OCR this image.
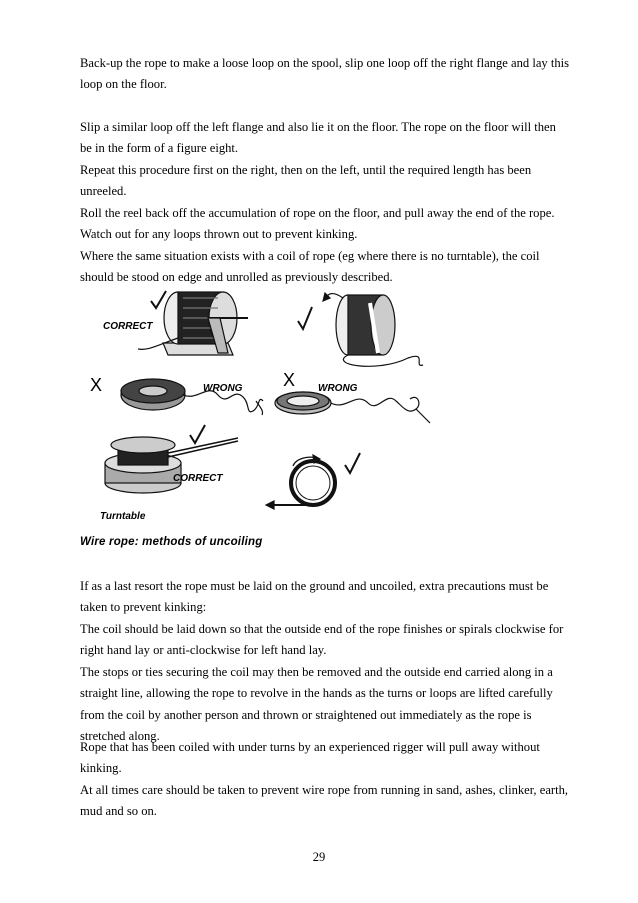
Back-up the rope to make a loose loop on the spool, slip one loop off the right flange and lay this loop on the floor.

Slip a similar loop off the left flange and also lie it on the floor. The rope on the floor will then be in the form of a figure eight.

Repeat this procedure first on the right, then on the left, until the required length has been unreeled.

Roll the reel back off the accumulation of rope on the floor, and pull away the end of the rope. Watch out for any loops thrown out to prevent kinking.

Where the same situation exists with a coil of rope (eg where there is no turntable), the coil should be stood on edge and unrolled as previously described.

CORRECT
X	WRONG X WRONG
CORRECT
Turntable
Wire rope: methods of uncoiling

If as a last resort the rope must be laid on the ground and uncoiled, extra precautions must be taken to prevent kinking:

The coil should be laid down so that the outside end of the rope finishes or spirals clockwise for right hand lay or anti-clockwise for left hand lay.

The stops or ties securing the coil may then be removed and the outside end carried along in a straight line, allowing the rope to revolve in the hands as the turns or loops are lifted carefully from the coil by another person and thrown or straightened out immediately as the rope is stretched along.

Rope that has been coiled with under turns by an experienced rigger will pull away without kinking.

At all times care should be taken to prevent wire rope from running in sand, ashes, clinker, earth, mud and so on.

29
